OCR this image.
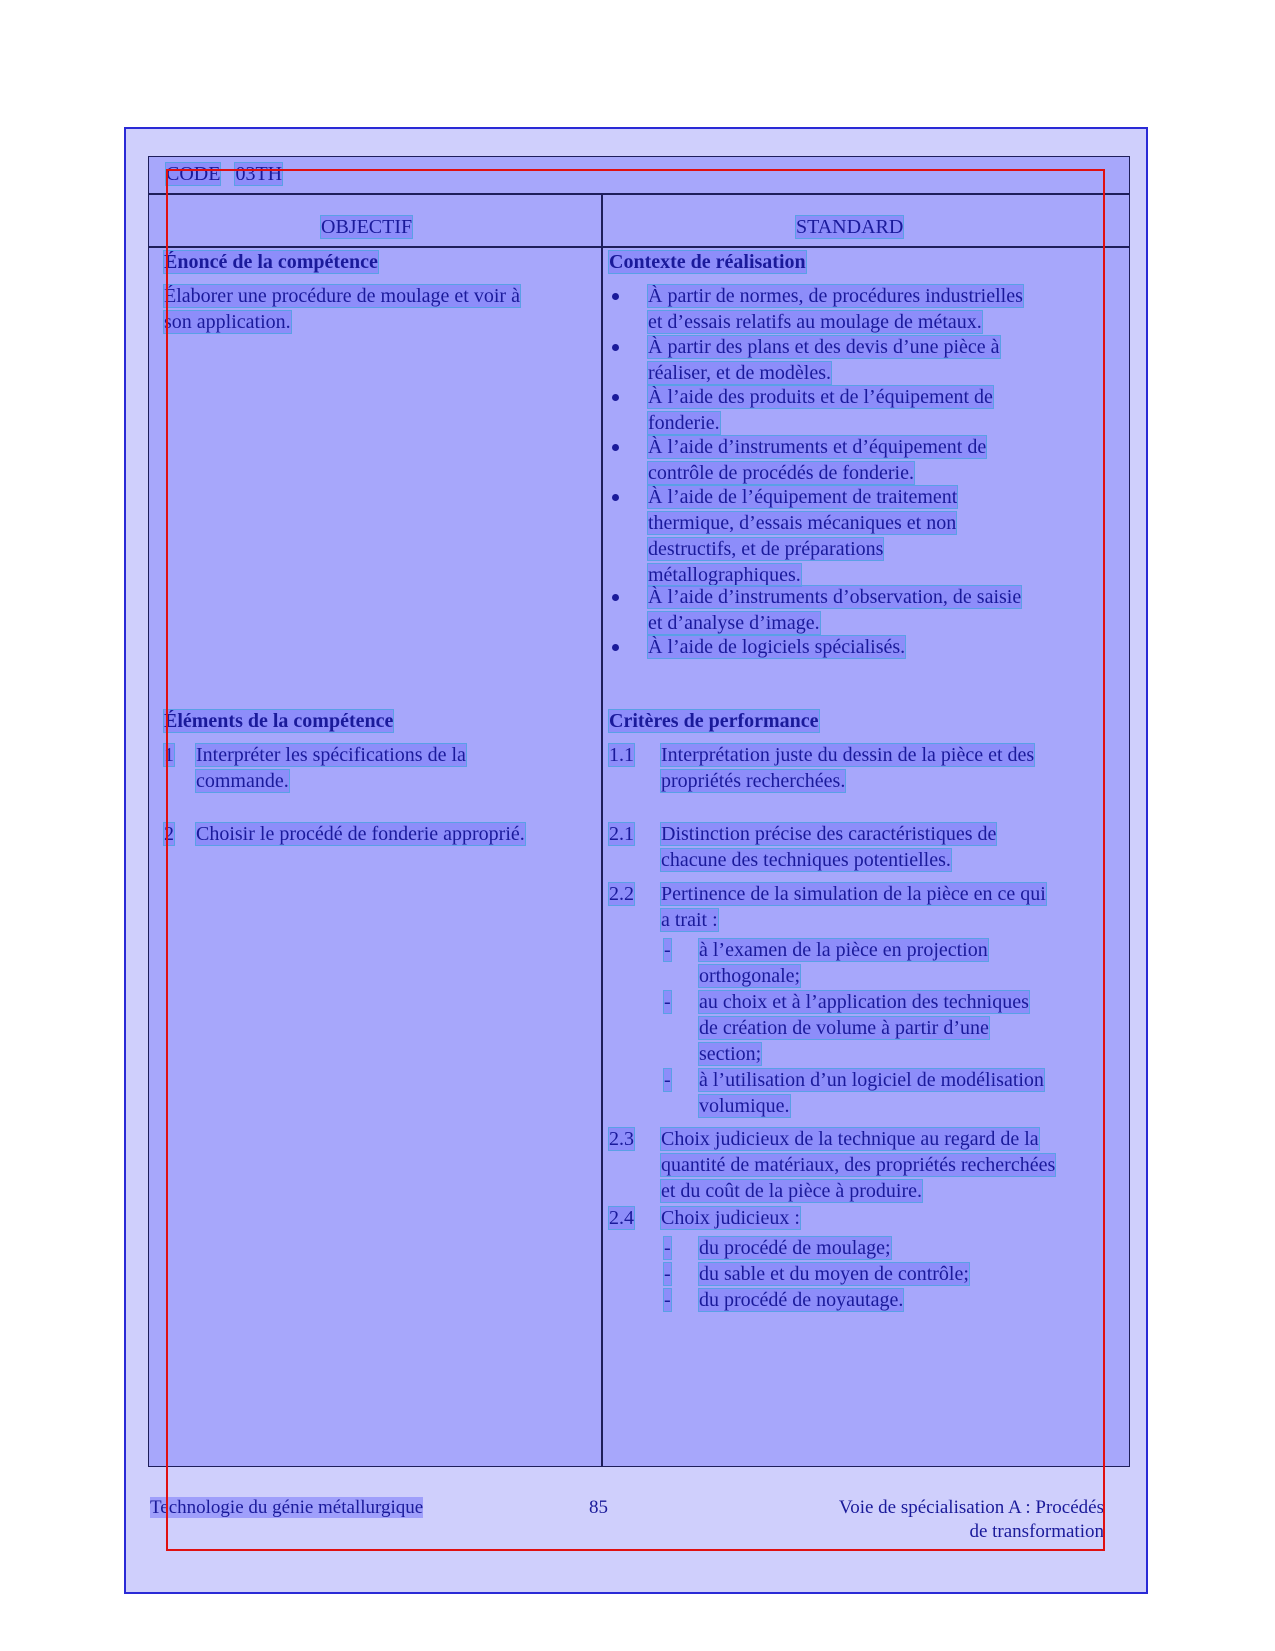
CODE 03TH
OBJECTIF	STANDARD
Énoncé de la compétence
Élaborer une procédure de moulage et voir à
son application.
Contexte de réalisation
À partir de normes, de procédures industrielles
et d’essais relatifs au moulage de métaux.
À partir des plans et des devis d’une pièce à
réaliser, et de modèles.
À l’aide des produits et de l’équipement de
fonderie.
À l’aide d’instruments et d’équipement de
contrôle de procédés de fonderie.
À l’aide de l’équipement de traitement
thermique, d’essais mécaniques et non
destructifs, et de préparations
métallographiques.
À l’aide d’instruments d’observation, de saisie
et d’analyse d’image.
À l’aide de logiciels spécialisés.
Éléments de la compétence
1 Interpréter les spécifications de la
commande.
2 Choisir le procédé de fonderie approprié.
Critères de performance
1.1 Interprétation juste du dessin de la pièce et des
propriétés recherchées.
2.1 Distinction précise des caractéristiques de
chacune des techniques potentielles.
2.2 Pertinence de la simulation de la pièce en ce qui
a trait :
- à l’examen de la pièce en projection
orthogonale;
- au choix et à l’application des techniques
de création de volume à partir d’une
section;
- à l’utilisation d’un logiciel de modélisation
volumique.
2.3 Choix judicieux de la technique au regard de la
quantité de matériaux, des propriétés recherchées
et du coût de la pièce à produire.
2.4 Choix judicieux :
- du procédé de moulage;
- du sable et du moyen de contrôle;
- du procédé de noyautage.
Technologie du génie métallurgique	85	Voie de spécialisation A : Procédés
de transformation
